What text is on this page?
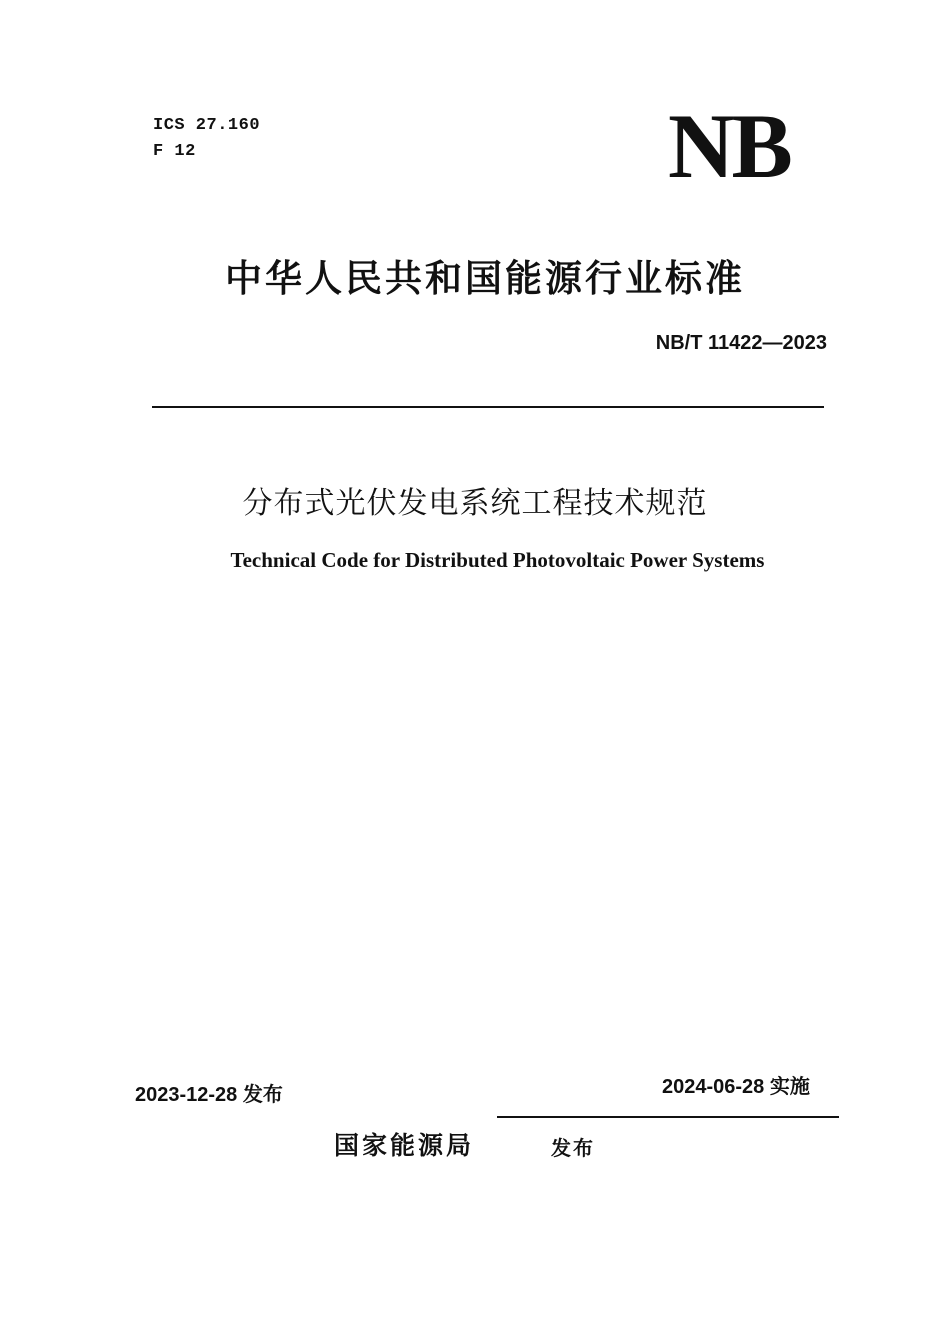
ICS 27.160
F 12	NB
中华人民共和国能源行业标准
NB/T 11422—2023
分布式光伏发电系统工程技术规范
Technical Code for Distributed Photovoltaic Power Systems
2023-12-28 发布	2024-06-28 实施
国家能源局	发布
